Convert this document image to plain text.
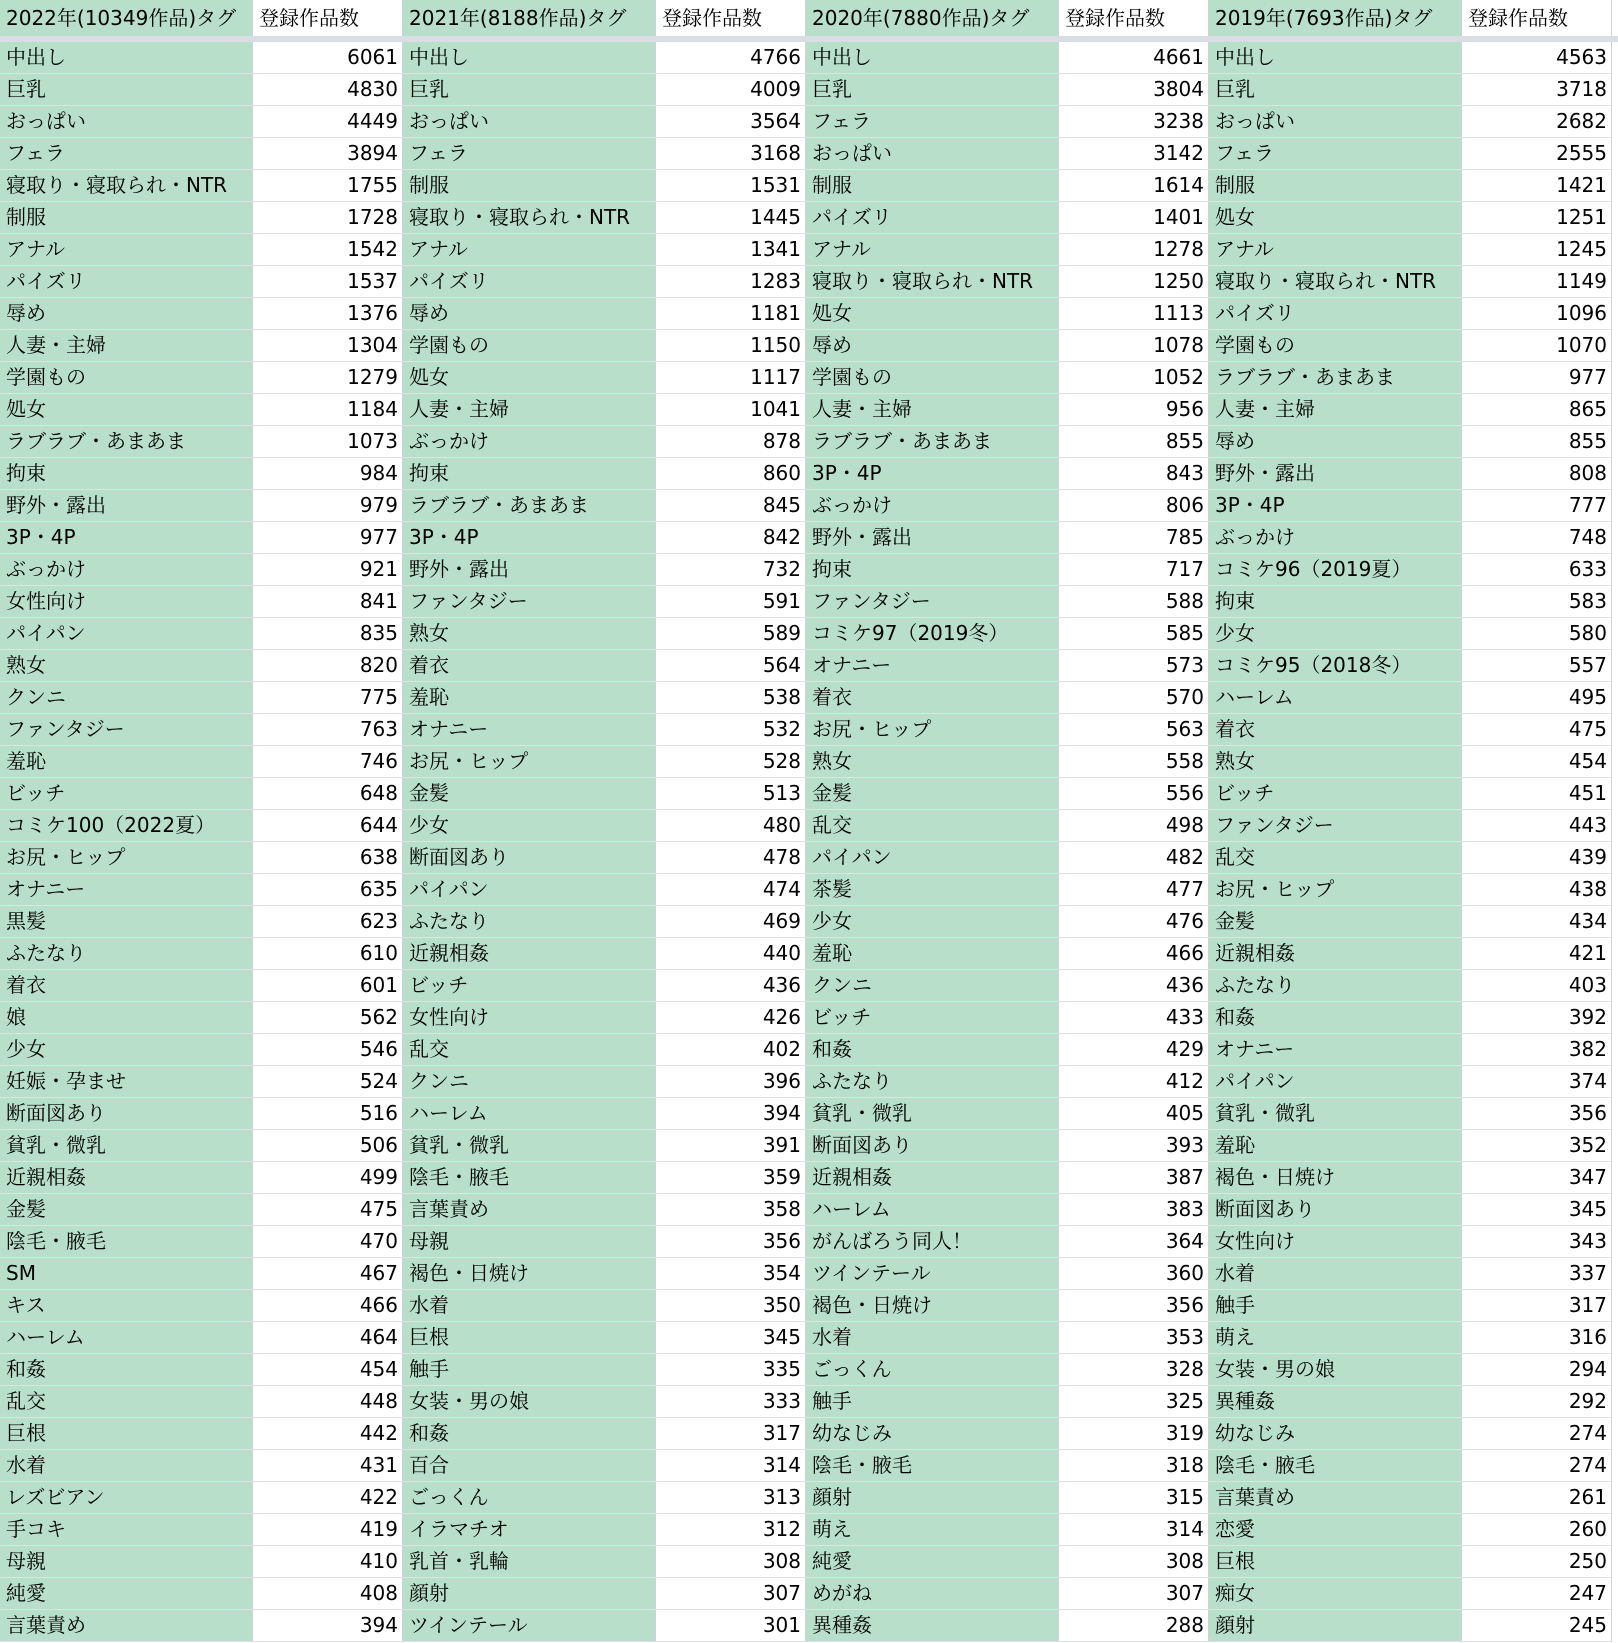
2022年(10349作品)タグ	登録作品数	2021年(8188作品)タグ	登録作品数	2020年(7880作品)タグ	登録作品数	2019年(7693作品)タグ	登録作品数
中出し	6061 中出し	4766 中出し	4661 中出し	4563
巨乳	4830 巨乳	4009 巨乳	3804 巨乳	3718
おっぱい	4449 おっぱい	3564 フェラ	3238 おっぱい	2682
フェラ	3894 フェラ	3168 おっぱい	3142 フェラ	2555
寝取り・寝取られ・NTR	1755 制服	1531 制服	1614 制服	1421
制服	1728 寝取り・寝取られ・NTR	1445 パイズリ	1401 処女	1251
アナル	1542 アナル	1341 アナル	1278 アナル	1245
パイズリ	1537 パイズリ	1283 寝取り・寝取られ・NTR	1250 寝取り・寝取られ・NTR	1149
辱め	1376 辱め	1181 処女	1113 パイズリ	1096
人妻・主婦	1304 学園もの	1150 辱め	1078 学園もの	1070
学園もの	1279 処女	1117 学園もの	1052 ラブラブ・あまあま	977
処女	1184 人妻・主婦	1041 人妻・主婦	956 人妻・主婦	865
ラブラブ・あまあま	1073 ぶっかけ	878 ラブラブ・あまあま	855 辱め	855
拘束	984 拘束	860 3P・4P	843 野外・露出	808
野外・露出	979 ラブラブ・あまあま	845 ぶっかけ	806 3P・4P	777
3P・4P	977 3P・4P	842 野外・露出	785 ぶっかけ	748
ぶっかけ	921 野外・露出	732 拘束	717 コミケ96（2019夏）	633
女性向け	841 ファンタジー	591 ファンタジー	588 拘束	583
パイパン	835 熟女	589 コミケ97（2019冬）	585 少女	580
熟女	820 着衣	564 オナニー	573 コミケ95（2018冬）	557
クンニ	775 羞恥	538 着衣	570 ハーレム	495
ファンタジー	763 オナニー	532 お尻・ヒップ	563 着衣	475
羞恥	746 お尻・ヒップ	528 熟女	558 熟女	454
ビッチ	648 金髪	513 金髪	556 ビッチ	451
コミケ100（2022夏）	644 少女	480 乱交	498 ファンタジー	443
お尻・ヒップ	638 断面図あり	478 パイパン	482 乱交	439
オナニー	635 パイパン	474 茶髪	477 お尻・ヒップ	438
黒髪	623 ふたなり	469 少女	476 金髪	434
ふたなり	610 近親相姦	440 羞恥	466 近親相姦	421
着衣	601 ビッチ	436 クンニ	436 ふたなり	403
娘	562 女性向け	426 ビッチ	433 和姦	392
少女	546 乱交	402 和姦	429 オナニー	382
妊娠・孕ませ	524 クンニ	396 ふたなり	412 パイパン	374
断面図あり	516 ハーレム	394 貧乳・微乳	405 貧乳・微乳	356
貧乳・微乳	506 貧乳・微乳	391 断面図あり	393 羞恥	352
近親相姦	499 陰毛・腋毛	359 近親相姦	387 褐色・日焼け	347
金髪	475 言葉責め	358 ハーレム	383 断面図あり	345
陰毛・腋毛	470 母親	356 がんばろう同人！	364 女性向け	343
SM	467 褐色・日焼け	354 ツインテール	360 水着	337
キス	466 水着	350 褐色・日焼け	356 触手	317
ハーレム	464 巨根	345 水着	353 萌え	316
和姦	454 触手	335 ごっくん	328 女装・男の娘	294
乱交	448 女装・男の娘	333 触手	325 異種姦	292
巨根	442 和姦	317 幼なじみ	319 幼なじみ	274
水着	431 百合	314 陰毛・腋毛	318 陰毛・腋毛	274
レズビアン	422 ごっくん	313 顔射	315 言葉責め	261
手コキ	419 イラマチオ	312 萌え	314 恋愛	260
母親	410 乳首・乳輪	308 純愛	308 巨根	250
純愛	408 顔射	307 めがね	307 痴女	247
言葉責め	394 ツインテール	301 異種姦	288 顔射	245
